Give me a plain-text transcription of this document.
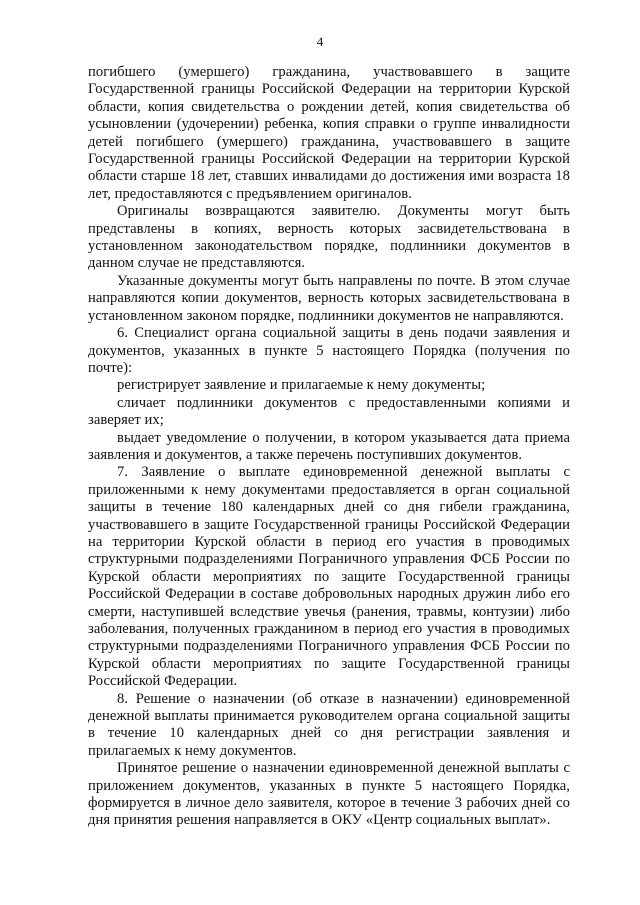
4

погибшего (умершего) гражданина, участвовавшего в защите Государственной границы Российской Федерации на территории Курской области, копия свидетельства о рождении детей, копия свидетельства об усыновлении (удочерении) ребенка, копия справки о группе инвалидности детей погибшего (умершего) гражданина, участвовавшего в защите Государственной границы Российской Федерации на территории Курской области старше 18 лет, ставших инвалидами до достижения ими возраста 18 лет, предоставляются с предъявлением оригиналов.

Оригиналы возвращаются заявителю. Документы могут быть представлены в копиях, верность которых засвидетельствована в установленном законодательством порядке, подлинники документов в данном случае не представляются.

Указанные документы могут быть направлены по почте. В этом случае направляются копии документов, верность которых засвидетельствована в установленном законом порядке, подлинники документов не направляются.

6. Специалист органа социальной защиты в день подачи заявления и документов, указанных в пункте 5 настоящего Порядка (получения по почте):

регистрирует заявление и прилагаемые к нему документы;

сличает подлинники документов с предоставленными копиями и заверяет их;

выдает уведомление о получении, в котором указывается дата приема заявления и документов, а также перечень поступивших документов.

7. Заявление о выплате единовременной денежной выплаты с приложенными к нему документами предоставляется в орган социальной защиты в течение 180 календарных дней со дня гибели гражданина, участвовавшего в защите Государственной границы Российской Федерации на территории Курской области в период его участия в проводимых структурными подразделениями Пограничного управления ФСБ России по Курской области мероприятиях по защите Государственной границы Российской Федерации в составе добровольных народных дружин либо его смерти, наступившей вследствие увечья (ранения, травмы, контузии) либо заболевания, полученных гражданином в период его участия в проводимых структурными подразделениями Пограничного управления ФСБ России по Курской области мероприятиях по защите Государственной границы Российской Федерации.

8. Решение о назначении (об отказе в назначении) единовременной денежной выплаты принимается руководителем органа социальной защиты в течение 10 календарных дней со дня регистрации заявления и прилагаемых к нему документов.

Принятое решение о назначении единовременной денежной выплаты с приложением документов, указанных в пункте 5 настоящего Порядка, формируется в личное дело заявителя, которое в течение 3 рабочих дней со дня принятия решения направляется в ОКУ «Центр социальных выплат».
